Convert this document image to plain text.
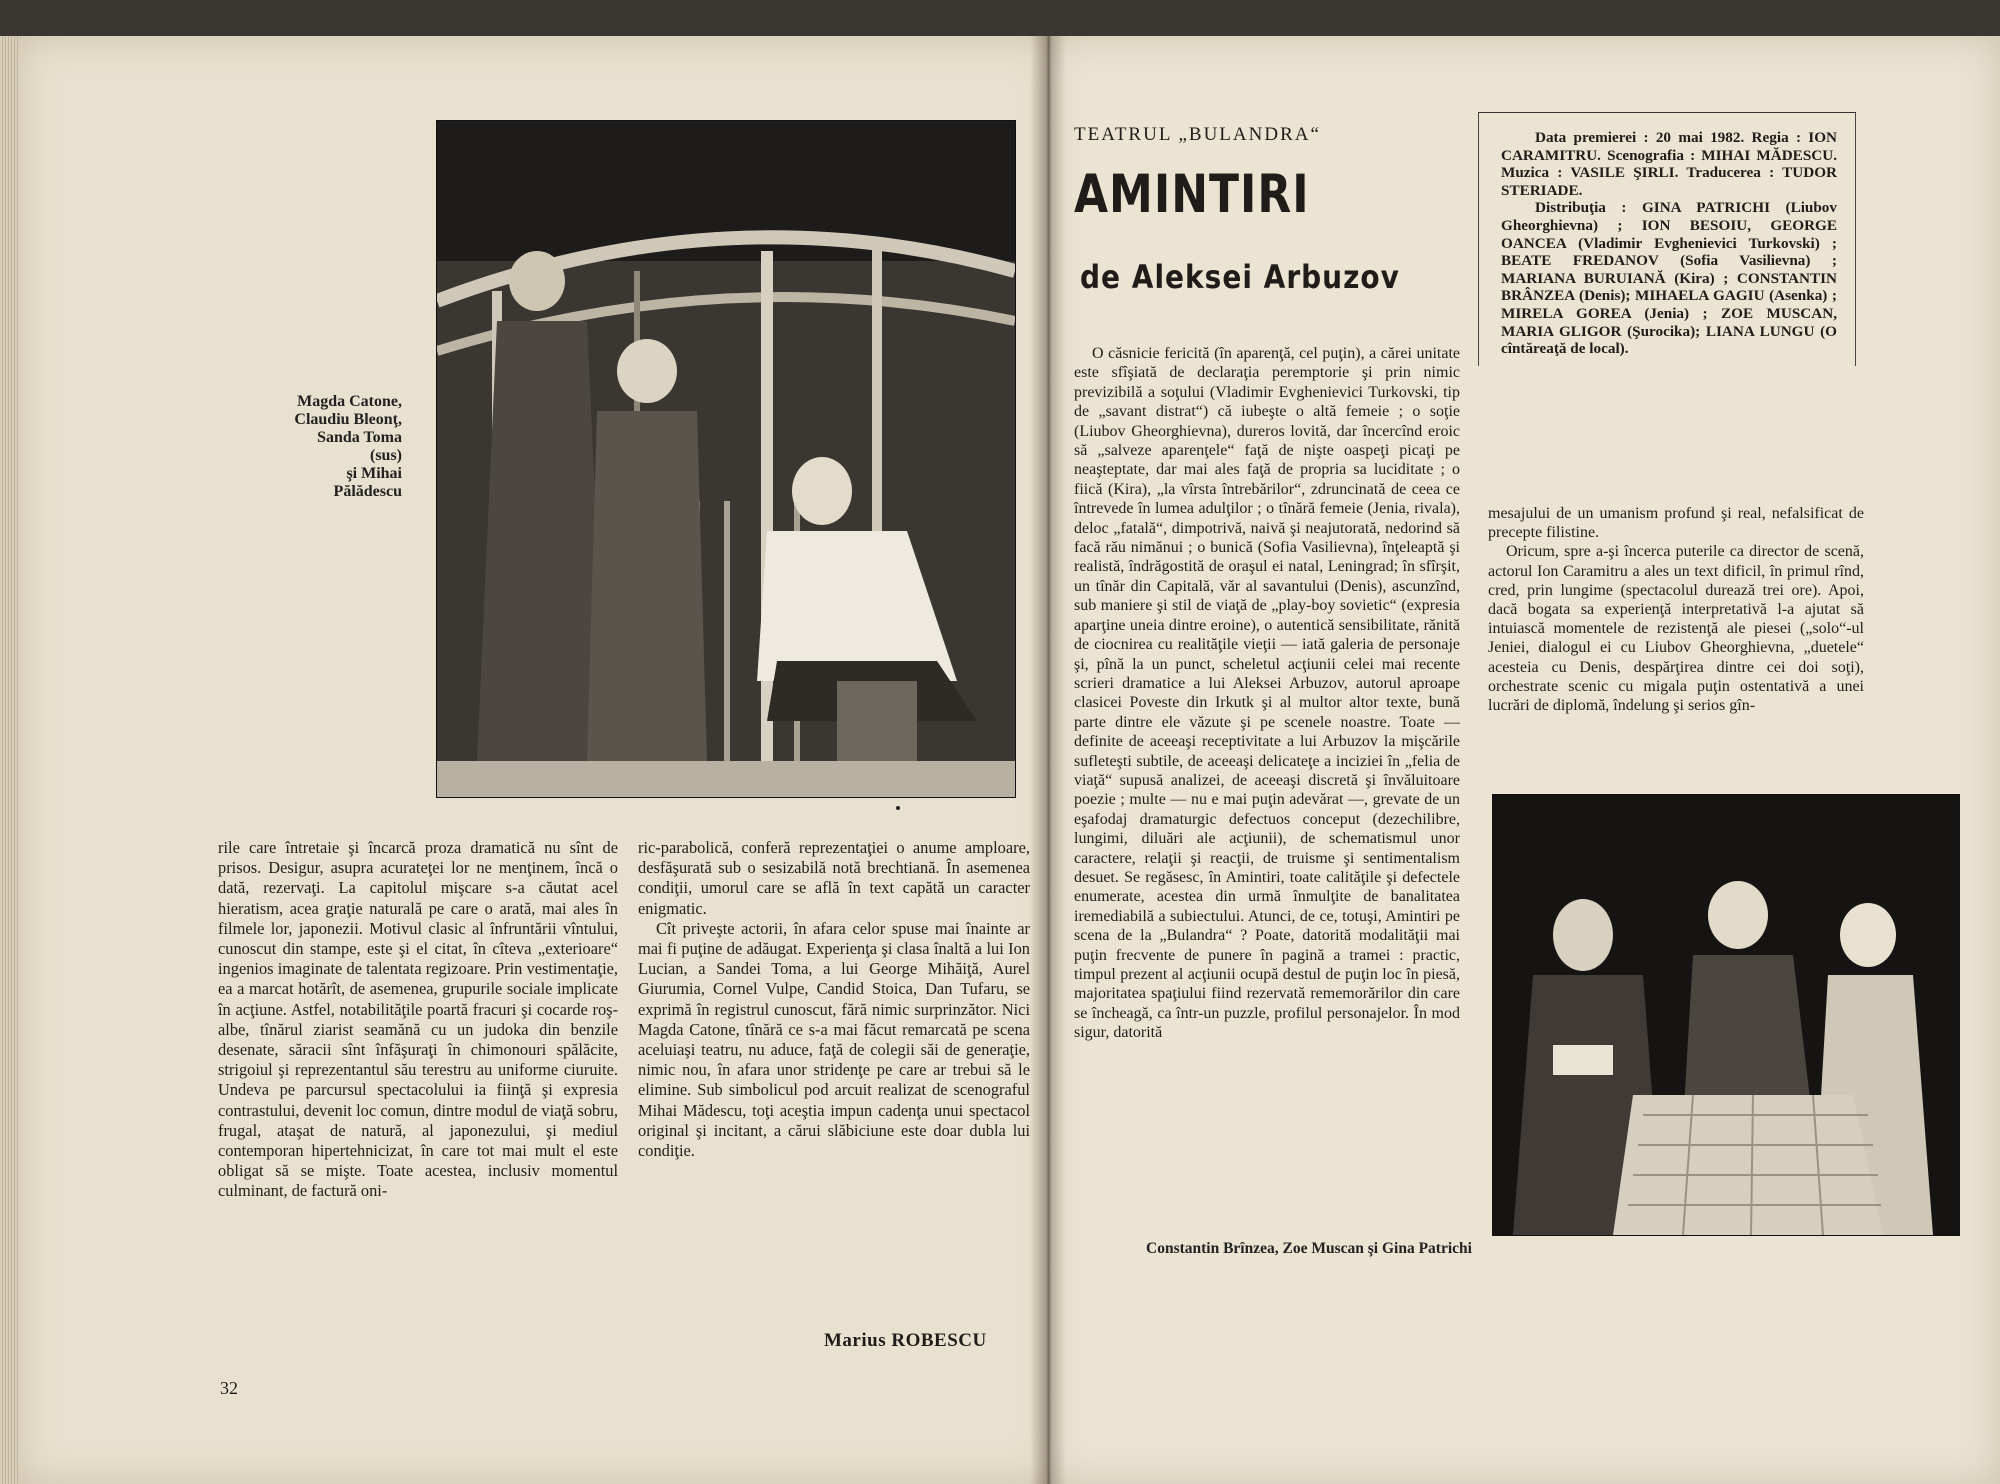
Magda Catone,
Claudiu Bleonţ,
Sanda Toma
(sus)
şi Mihai
Pălădescu

rile care întretaie şi încarcă proza dramatică nu sînt de prisos. Desigur, asupra acurateţei lor ne menţinem, încă o dată, rezervaţi. La capitolul mişcare s-a căutat acel hieratism, acea graţie naturală pe care o arată, mai ales în filmele lor, japonezii. Motivul clasic al înfruntării vîntului, cunoscut din stampe, este şi el citat, în cîteva „exterioare“ ingenios imaginate de talentata regizoare. Prin vestimentaţie, ea a marcat hotărît, de asemenea, grupurile sociale implicate în acţiune. Astfel, notabilităţile poartă fracuri şi cocarde roş-albe, tînărul ziarist seamănă cu un judoka din benzile desenate, săracii sînt înfăşuraţi în chimonouri spălăcite, strigoiul şi reprezentantul său terestru au uniforme ciuruite. Undeva pe parcursul spectacolului ia fiinţă şi expresia contrastului, devenit loc comun, dintre modul de viaţă sobru, frugal, ataşat de natură, al japonezului, şi mediul contemporan hipertehnicizat, în care tot mai mult el este obligat să se mişte. Toate acestea, inclusiv momentul culminant, de factură oni-

ric-parabolică, conferă reprezentaţiei o anume amploare, desfăşurată sub o sesizabilă notă brechtiană. În asemenea condiţii, umorul care se află în text capătă un caracter enigmatic.

Cît priveşte actorii, în afara celor spuse mai înainte ar mai fi puţine de adăugat. Experienţa şi clasa înaltă a lui Ion Lucian, a Sandei Toma, a lui George Mihăiţă, Aurel Giurumia, Cornel Vulpe, Candid Stoica, Dan Tufaru, se exprimă în registrul cunoscut, fără nimic surprinzător. Nici Magda Catone, tînără ce s-a mai făcut remarcată pe scena aceluiaşi teatru, nu aduce, faţă de colegii săi de generaţie, nimic nou, în afara unor stridenţe pe care ar trebui să le elimine. Sub simbolicul pod arcuit realizat de scenograful Mihai Mădescu, toţi aceştia impun cadenţa unui spectacol original şi incitant, a cărui slăbiciune este doar dubla lui condiţie.

Marius ROBESCU
32
TEATRUL „BULANDRA“
AMINTIRI
de Aleksei Arbuzov

Data premierei : 20 mai 1982. Regia : ION CARAMITRU. Scenografia : MIHAI MĂDESCU. Muzica : VASILE ŞIRLI. Traducerea : TUDOR STERIADE.

Distribuţia : GINA PATRICHI (Liubov Gheorghievna) ; ION BESOIU, GEORGE OANCEA (Vladimir Evghenievici Turkovski) ; BEATE FREDANOV (Sofia Vasilievna) ; MARIANA BURUIANĂ (Kira) ; CONSTANTIN BRÂNZEA (Denis); MIHAELA GAGIU (Asenka) ; MIRELA GOREA (Jenia) ; ZOE MUSCAN, MARIA GLIGOR (Şurocika); LIANA LUNGU (O cîntăreaţă de local).

O căsnicie fericită (în aparenţă, cel puţin), a cărei unitate este sfîşiată de declaraţia peremptorie şi prin nimic previzibilă a soţului (Vladimir Evghenievici Turkovski, tip de „savant distrat“) că iubeşte o altă femeie ; o soţie (Liubov Gheorghievna), dureros lovită, dar încercînd eroic să „salveze aparenţele“ faţă de nişte oaspeţi picaţi pe neaşteptate, dar mai ales faţă de propria sa luciditate ; o fiică (Kira), „la vîrsta întrebărilor“, zdruncinată de ceea ce întrevede în lumea adulţilor ; o tînără femeie (Jenia, rivala), deloc „fatală“, dimpotrivă, naivă şi neajutorată, nedorind să facă rău nimănui ; o bunică (Sofia Vasilievna), înţeleaptă şi realistă, îndrăgostită de oraşul ei natal, Leningrad; în sfîrşit, un tînăr din Capitală, văr al savantului (Denis), ascunzînd, sub maniere şi stil de viaţă de „play-boy sovietic“ (expresia aparţine uneia dintre eroine), o autentică sensibilitate, rănită de ciocnirea cu realităţile vieţii — iată galeria de personaje şi, pînă la un punct, scheletul acţiunii celei mai recente scrieri dramatice a lui Aleksei Arbuzov, autorul aproape clasicei Poveste din Irkutk şi al multor altor texte, bună parte dintre ele văzute şi pe scenele noastre. Toate — definite de aceeaşi receptivitate a lui Arbuzov la mişcările sufleteşti subtile, de aceeaşi delicateţe a inciziei în „felia de viaţă“ supusă analizei, de aceeaşi discretă şi învăluitoare poezie ; multe — nu e mai puţin adevărat —, grevate de un eşafodaj dramaturgic defectuos conceput (dezechilibre, lungimi, diluări ale acţiunii), de schematismul unor caractere, relaţii şi reacţii, de truisme şi sentimentalism desuet. Se regăsesc, în Amintiri, toate calităţile şi defectele enumerate, acestea din urmă înmulţite de banalitatea iremediabilă a subiectului. Atunci, de ce, totuşi, Amintiri pe scena de la „Bulandra“ ? Poate, datorită modalităţii mai puţin frecvente de punere în pagină a tramei : practic, timpul prezent al acţiunii ocupă destul de puţin loc în piesă, majoritatea spaţiului fiind rezervată rememorărilor din care se încheagă, ca într-un puzzle, profilul personajelor. În mod sigur, datorită

mesajului de un umanism profund şi real, nefalsificat de precepte filistine.

Oricum, spre a-şi încerca puterile ca director de scenă, actorul Ion Caramitru a ales un text dificil, în primul rînd, cred, prin lungime (spectacolul durează trei ore). Apoi, dacă bogata sa experienţă interpretativă l-a ajutat să intuiască momentele de rezistenţă ale piesei („solo“-ul Jeniei, dialogul ei cu Liubov Gheorghievna, „duetele“ acesteia cu Denis, despărţirea dintre cei doi soţi), orchestrate scenic cu migala puţin ostentativă a unei lucrări de diplomă, îndelung şi serios gîn-

Constantin Brînzea, Zoe Muscan şi Gina Patrichi
